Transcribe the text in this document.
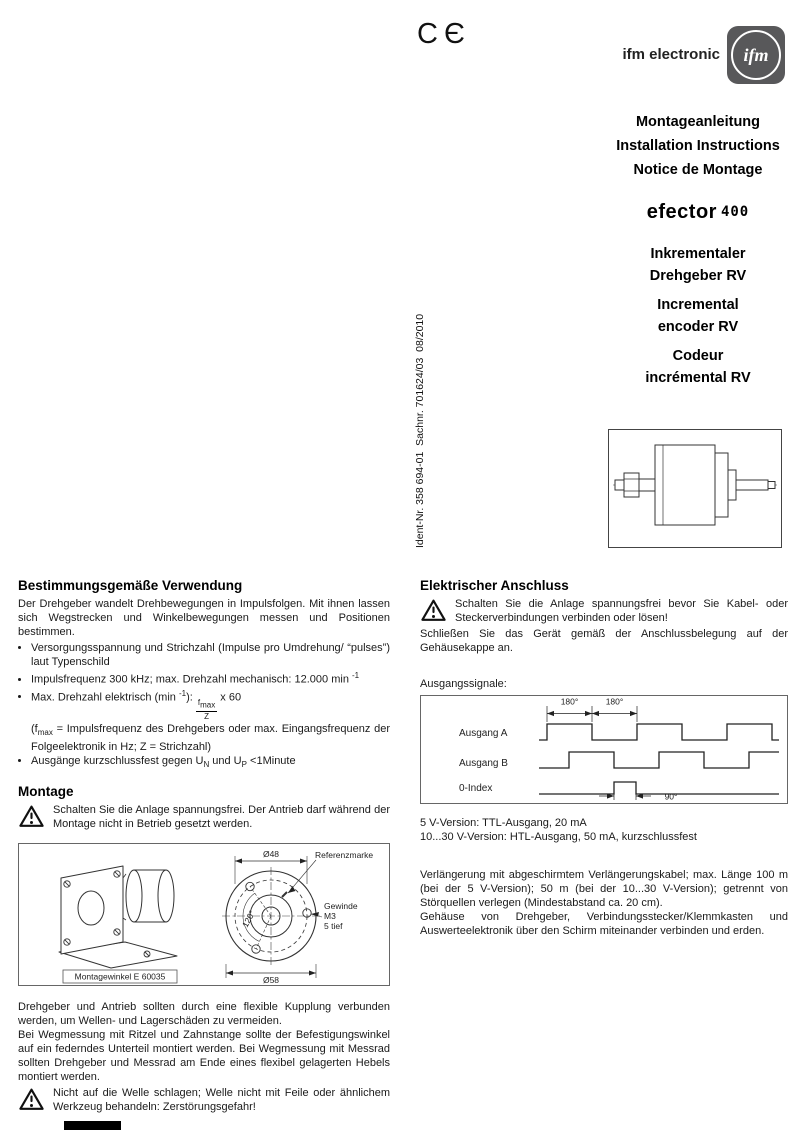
CЄ
ifm electronic ifm
Montageanleitung
Installation Instructions
Notice de Montage
efector 400
Inkrementaler
Drehgeber RV
Incremental
encoder RV
Codeur
incrémental RV
Ident-Nr. 358 694-01  Sachnr. 701624/03  08/2010
Bestimmungsgemäße Verwendung

Der Drehgeber wandelt Drehbewegungen in Impulsfolgen. Mit ihnen lassen sich Wegstrecken und Winkelbewegungen messen und Positionen bestimmen.

• Versorgungsspannung und Strichzahl (Impulse pro Umdrehung/ “pulses”) laut Typenschild
• Impulsfrequenz 300 kHz; max. Drehzahl mechanisch: 12.000 min $^{-1}$
• Max. Drehzahl elektrisch (min $^{-1}$):
$\frac{f_{max}}{Z}$
x 60
($f_{max}$ = Impulsfrequenz des Drehgebers oder max. Eingangsfrequenz der Folgeelektronik in Hz; Z = Strichzahl)
• Ausgänge kurzschlussfest gegen $U_N$ und $U_P$ <1Minute
Montage

Schalten Sie die Anlage spannungsfrei. Der Antrieb darf während der Montage nicht in Betrieb gesetzt werden.

Ø48	Referenzmarke
Gewinde
M3
5 tief
120°
Ø58
Montagewinkel E 60035

Drehgeber und Antrieb sollten durch eine flexible Kupplung verbunden werden, um Wellen- und Lagerschäden zu vermeiden.

Bei Wegmessung mit Ritzel und Zahnstange sollte der Befestigungswinkel auf ein federndes Unterteil montiert werden. Bei Wegmessung mit Messrad sollten Drehgeber und Messrad am Ende eines flexibel gelagerten Hebels montiert werden.

Nicht auf die Welle schlagen; Welle nicht mit Feile oder ähnlichem Werkzeug behandeln: Zerstörungsgefahr!

Elektrischer Anschluss

Schalten Sie die Anlage spannungsfrei bevor Sie Kabel- oder Steckerverbindungen verbinden oder lösen!

Schließen Sie das Gerät gemäß der Anschlussbelegung auf der Gehäusekappe an.

Ausgangssignale:

Ausgang A
Ausgang B
0-Index
180°	180°
90°

5 V-Version: TTL-Ausgang, 20 mA

10...30 V-Version: HTL-Ausgang, 50 mA, kurzschlussfest

Verlängerung mit abgeschirmtem Verlängerungskabel; max. Länge 100 m (bei der 5 V-Version); 50 m (bei der 10...30 V-Version); getrennt von Störquellen verlegen (Mindestabstand ca. 20 cm).

Gehäuse von Drehgeber, Verbindungsstecker/Klemmkasten und Auswerteelektronik über den Schirm miteinander verbinden und erden.
